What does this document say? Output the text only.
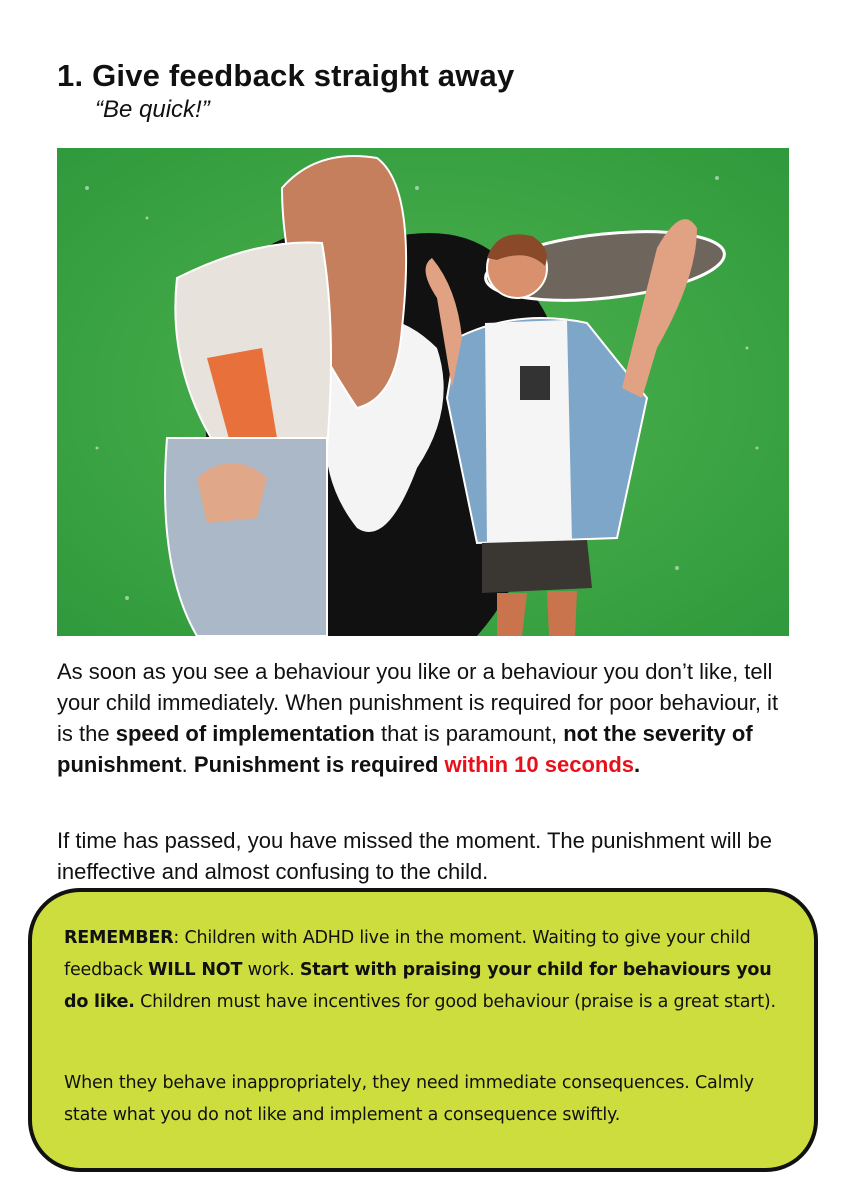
1. Give feedback straight away

“Be quick!”

As soon as you see a behaviour you like or a behaviour you don’t like, tell your child immediately. When punishment is required for poor behaviour, it is the speed of implementation that is paramount, not the severity of punishment. Punishment is required within 10 seconds.

If time has passed, you have missed the moment. The punishment will be ineffective and almost confusing to the child.

REMEMBER: Children with ADHD live in the moment. Waiting to give your child feedback WILL NOT work. Start with praising your child for behaviours you do like. Children must have incentives for good behaviour (praise is a great start).

When they behave inappropriately, they need immediate consequences. Calmly state what you do not like and implement a consequence swiftly.
